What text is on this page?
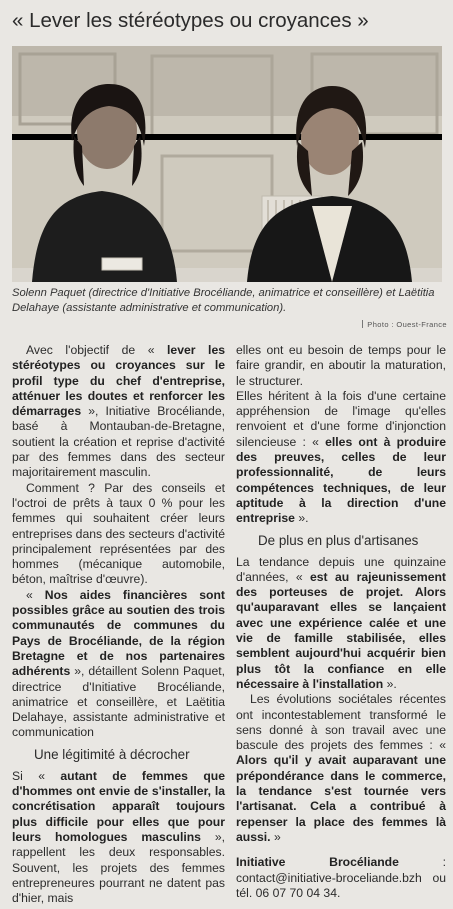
« Lever les stéréotypes ou croyances »
Solenn Paquet (directrice d'Initiative Brocéliande, animatrice et conseillère) et Laëtitia Delahaye (assistante administrative et communication).
Photo : Ouest-France

Avec l'objectif de « lever les stéréotypes ou croyances sur le profil type du chef d'entreprise, atténuer les doutes et renforcer les démarrages », Initiative Brocéliande, basé à Montauban-de-Bretagne, soutient la création et reprise d'activité par des femmes dans des secteur majoritairement masculin.

Comment ? Par des conseils et l'octroi de prêts à taux 0 % pour les femmes qui souhaitent créer leurs entreprises dans des secteurs d'activité principalement représentées par des hommes (mécanique automobile, béton, maîtrise d'œuvre).

« Nos aides financières sont possibles grâce au soutien des trois communautés de communes du Pays de Brocéliande, de la région Bretagne et de nos partenaires adhérents », détaillent Solenn Paquet, directrice d'Initiative Brocéliande, animatrice et conseillère, et Laëtitia Delahaye, assistante administrative et communication

Une légitimité à décrocher

Si « autant de femmes que d'hommes ont envie de s'installer, la concrétisation apparaît toujours plus difficile pour elles que pour leurs homologues masculins », rappellent les deux responsables. Souvent, les projets des femmes entrepreneures pourrant ne datent pas d'hier, mais

elles ont eu besoin de temps pour le faire grandir, en aboutir la maturation, le structurer.

Elles héritent à la fois d'une certaine appréhension de l'image qu'elles renvoient et d'une forme d'injonction silencieuse : « elles ont à produire des preuves, celles de leur professionnalité, de leurs compétences techniques, de leur aptitude à la direction d'une entreprise ».

De plus en plus d'artisanes

La tendance depuis une quinzaine d'années, « est au rajeunissement des porteuses de projet. Alors qu'auparavant elles se lançaient avec une expérience calée et une vie de famille stabilisée, elles semblent aujourd'hui acquérir bien plus tôt la confiance en elle nécessaire à l'installation ».

Les évolutions sociétales récentes ont incontestablement transformé le sens donné à son travail avec une bascule des projets des femmes : « Alors qu'il y avait auparavant une prépondérance dans le commerce, la tendance s'est tournée vers l'artisanat. Cela a contribué à repenser la place des femmes là aussi. »

Initiative Brocéliande : contact@initiative-broceliande.bzh ou tél. 06 07 70 04 34.
